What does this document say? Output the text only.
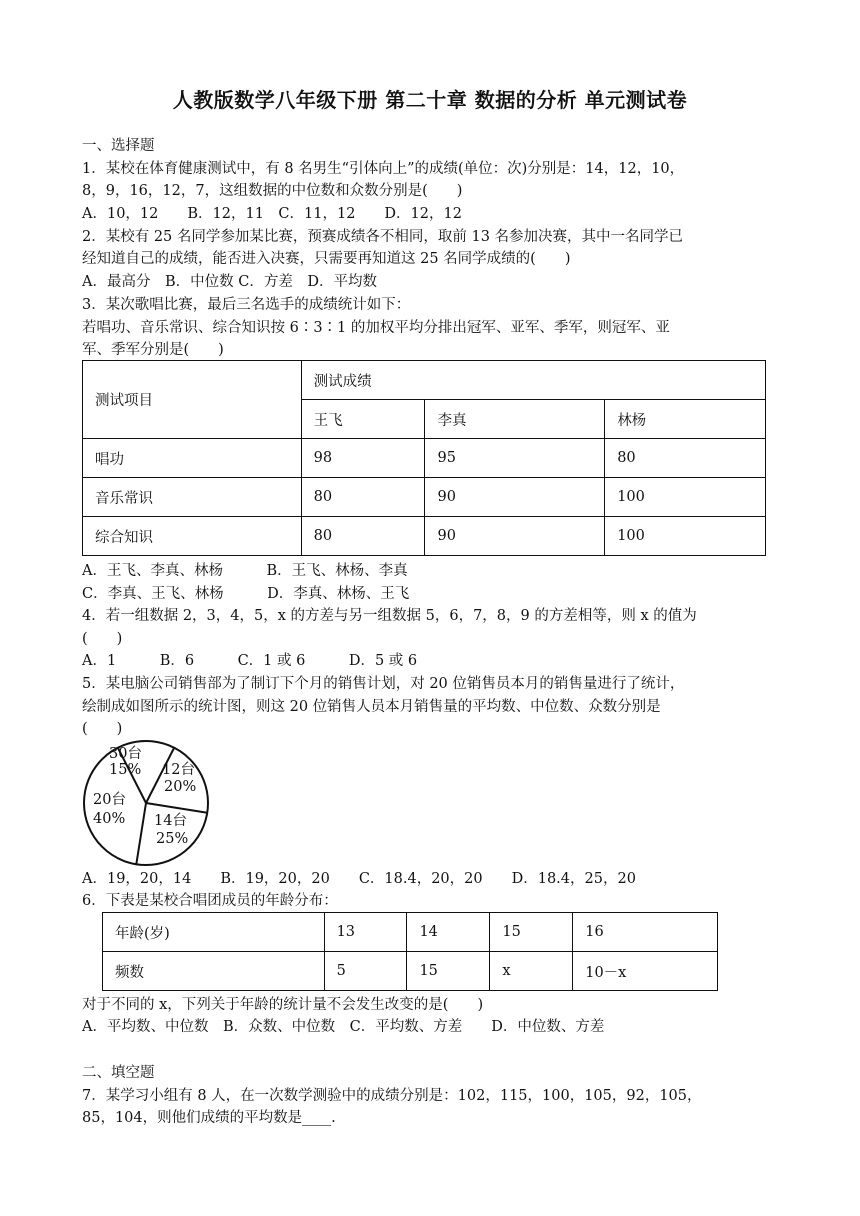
人教版数学八年级下册 第二十章 数据的分析 单元测试卷
一、选择题
1．某校在体育健康测试中，有 8 名男生“引体向上”的成绩(单位：次)分别是：14，12，10，
8，9，16，12，7，这组数据的中位数和众数分别是(　　)
A．10，12　　B．12，11　C．11，12　　D．12，12
2．某校有 25 名同学参加某比赛，预赛成绩各不相同，取前 13 名参加决赛，其中一名同学已
经知道自己的成绩，能否进入决赛，只需要再知道这 25 名同学成绩的(　　)
A．最高分　B．中位数 C．方差　D．平均数
3．某次歌唱比赛，最后三名选手的成绩统计如下：
若唱功、音乐常识、综合知识按 6∶3∶1 的加权平均分排出冠军、亚军、季军，则冠军、亚
军、季军分别是(　　)
测试项目	测试成绩		
	王飞	李真	林杨
唱功	98	95	80
音乐常识	80	90	100
综合知识	80	90	100
A．王飞、李真、林杨　　　B．王飞、林杨、李真
C．李真、王飞、林杨　　　D．李真、林杨、王飞
4．若一组数据 2，3，4，5，x 的方差与另一组数据 5，6，7，8，9 的方差相等，则 x 的值为
(　　)
A．1　　　B．6　　　C．1 或 6　　　D．5 或 6
5．某电脑公司销售部为了制订下个月的销售计划，对 20 位销售员本月的销售量进行了统计，
绘制成如图所示的统计图，则这 20 位销售人员本月销售量的平均数、中位数、众数分别是
(　　)
30台
15% 12台
20%
14台
25%
20台
40%
A．19，20，14　　B．19，20，20　　C．18.4，20，20　　D．18.4，25，20
6．下表是某校合唱团成员的年龄分布：
年龄(岁)	13	14	15	16
频数	5	15	x	10－x
对于不同的 x，下列关于年龄的统计量不会发生改变的是(　　)
A．平均数、中位数　B．众数、中位数　C．平均数、方差　　D．中位数、方差
二、填空题
7．某学习小组有 8 人，在一次数学测验中的成绩分别是：102，115，100，105，92，105，
85，104，则他们成绩的平均数是____.
